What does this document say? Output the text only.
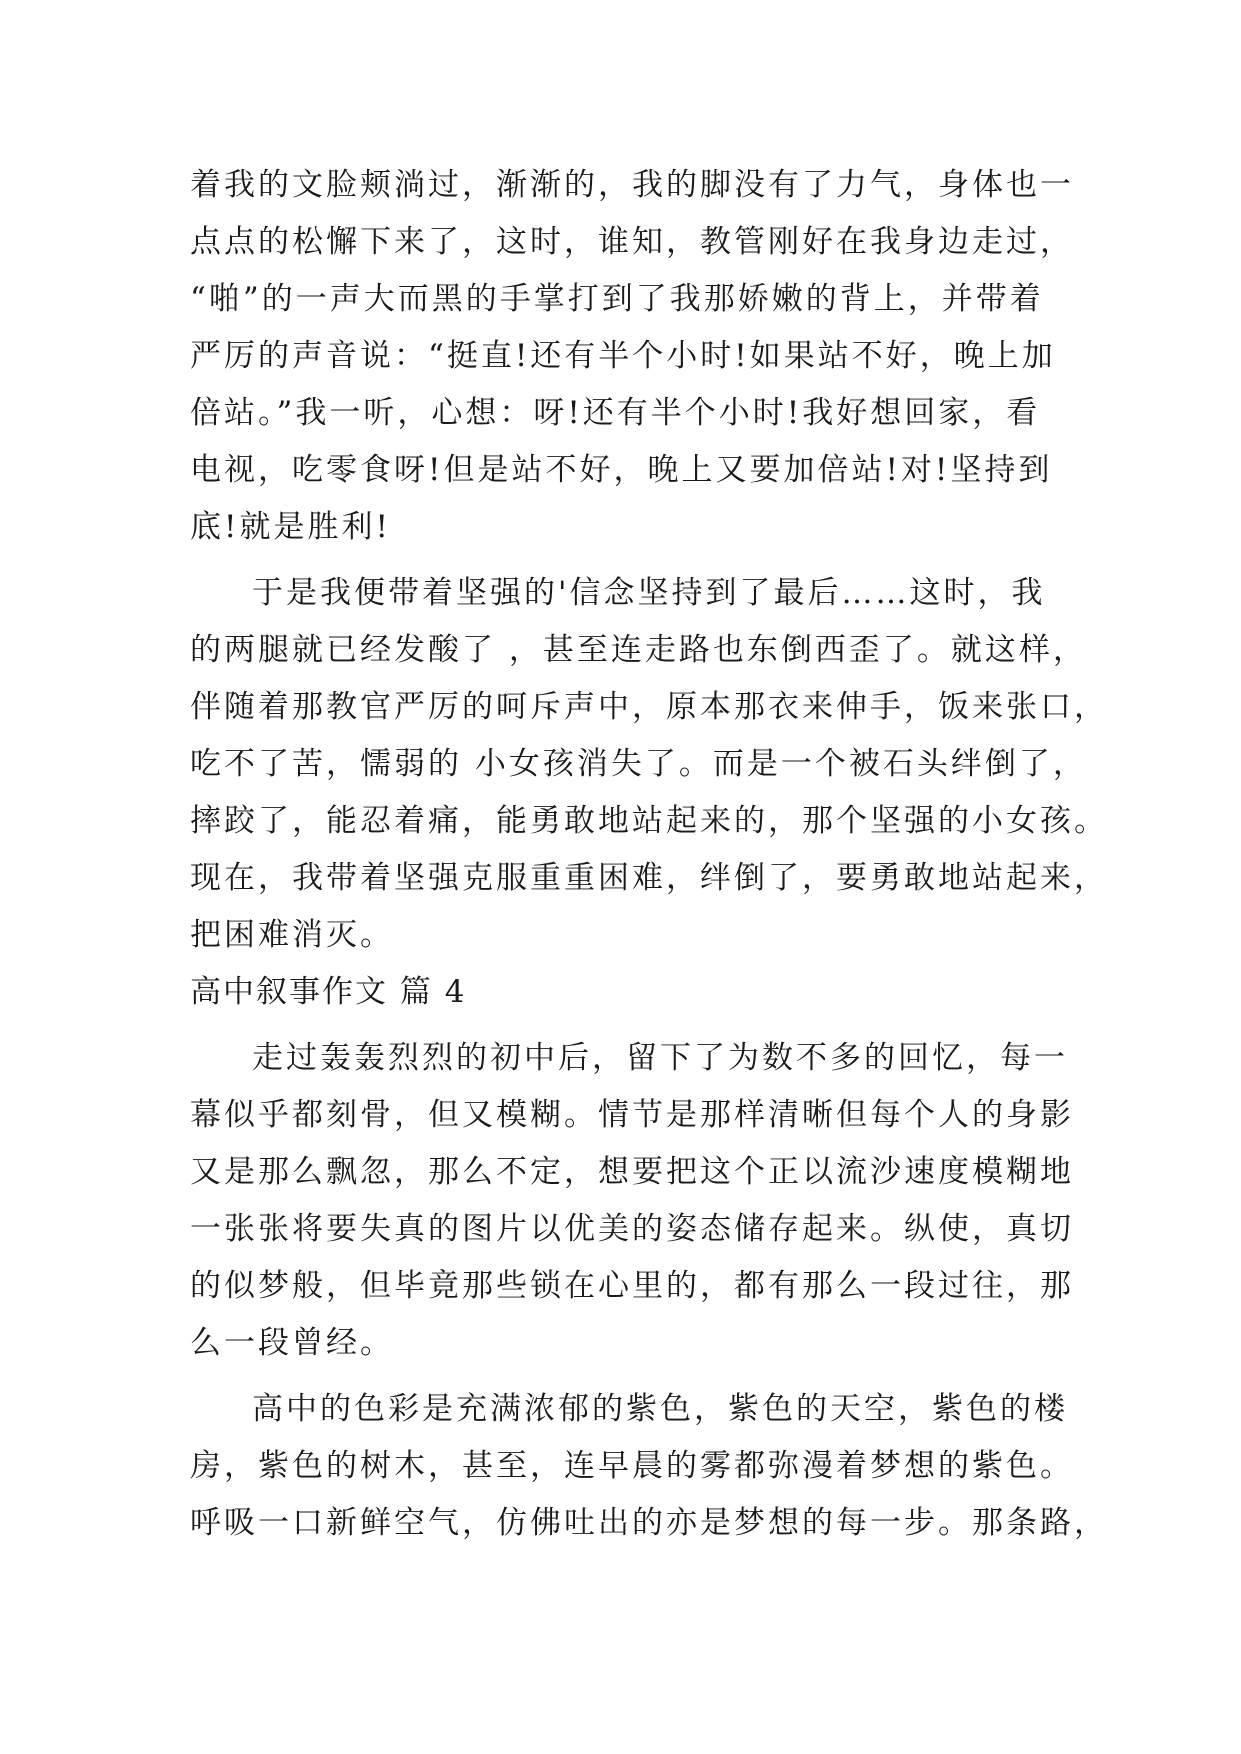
着我的文脸颊淌过，渐渐的，我的脚没有了力气，身体也一
点点的松懈下来了，这时，谁知，教管刚好在我身边走过，
“啪”的一声大而黑的手掌打到了我那娇嫩的背上，并带着
严厉的声音说：“挺直!还有半个小时!如果站不好，晚上加
倍站。”我一听，心想：呀!还有半个小时!我好想回家，看
电视，吃零食呀!但是站不好，晚上又要加倍站!对!坚持到
底!就是胜利!
于是我便带着坚强的'信念坚持到了最后……这时，我
的两腿就已经发酸了 ，甚至连走路也东倒西歪了。就这样，
伴随着那教官严厉的呵斥声中，原本那衣来伸手，饭来张口，
吃不了苦，懦弱的 小女孩消失了。而是一个被石头绊倒了，
摔跤了，能忍着痛，能勇敢地站起来的，那个坚强的小女孩。
现在，我带着坚强克服重重困难，绊倒了，要勇敢地站起来，
把困难消灭。
高中叙事作文 篇 4
走过轰轰烈烈的初中后，留下了为数不多的回忆，每一
幕似乎都刻骨，但又模糊。情节是那样清晰但每个人的身影
又是那么飘忽，那么不定，想要把这个正以流沙速度模糊地
一张张将要失真的图片以优美的姿态储存起来。纵使，真切
的似梦般，但毕竟那些锁在心里的，都有那么一段过往，那
么一段曾经。
高中的色彩是充满浓郁的紫色，紫色的天空，紫色的楼
房，紫色的树木，甚至，连早晨的雾都弥漫着梦想的紫色。
呼吸一口新鲜空气，仿佛吐出的亦是梦想的每一步。那条路，
